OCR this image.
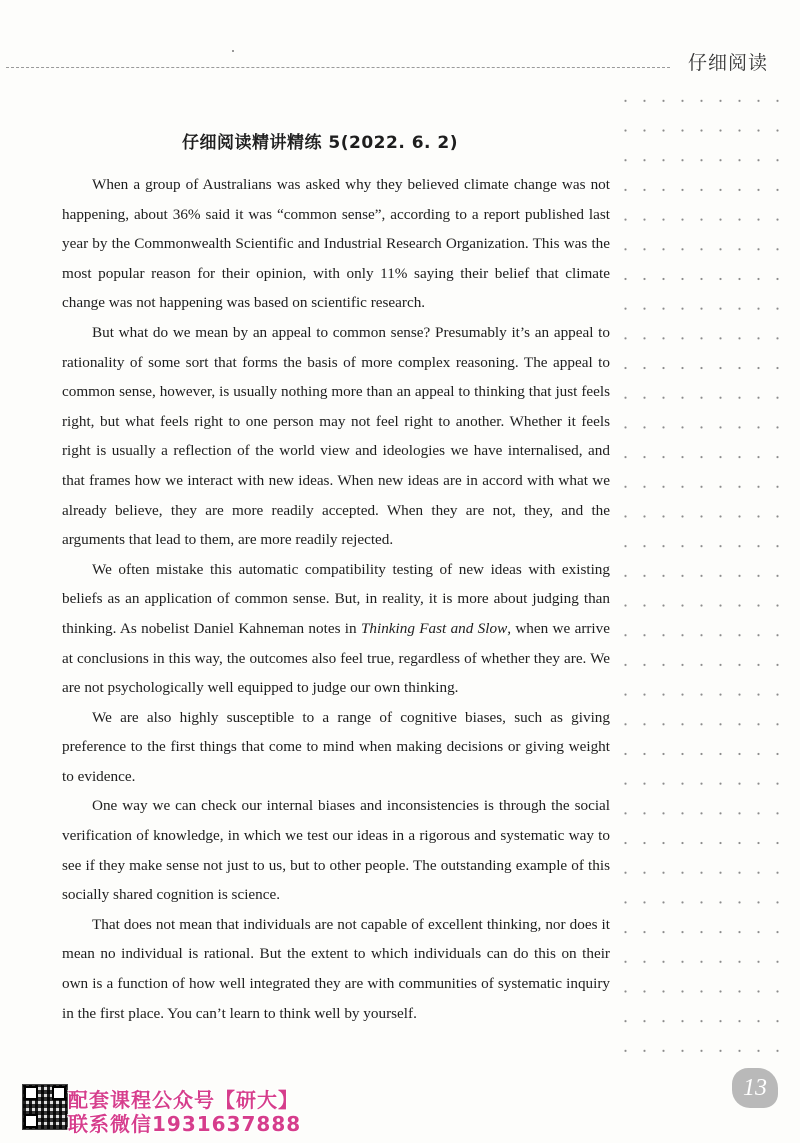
仔细阅读
仔细阅读精讲精练 5(2022. 6. 2)

When a group of Australians was asked why they believed climate change was not happening, about 36% said it was “common sense”, according to a report published last year by the Commonwealth Scientific and Industrial Research Organization. This was the most popular reason for their opinion, with only 11% saying their belief that climate change was not happening was based on scientific research.

But what do we mean by an appeal to common sense? Presumably it’s an appeal to rationality of some sort that forms the basis of more complex reasoning. The appeal to common sense, however, is usually nothing more than an appeal to thinking that just feels right, but what feels right to one person may not feel right to another. Whether it feels right is usually a reflection of the world view and ideologies we have internalised, and that frames how we interact with new ideas. When new ideas are in accord with what we already believe, they are more readily accepted. When they are not, they, and the arguments that lead to them, are more readily rejected.

We often mistake this automatic compatibility testing of new ideas with existing beliefs as an application of common sense. But, in reality, it is more about judging than thinking. As nobelist Daniel Kahneman notes in Thinking Fast and Slow, when we arrive at conclusions in this way, the outcomes also feel true, regardless of whether they are. We are not psychologically well equipped to judge our own thinking.

We are also highly susceptible to a range of cognitive biases, such as giving preference to the first things that come to mind when making decisions or giving weight to evidence.

One way we can check our internal biases and inconsistencies is through the social verification of knowledge, in which we test our ideas in a rigorous and systematic way to see if they make sense not just to us, but to other people. The outstanding example of this socially shared cognition is science.

That does not mean that individuals are not capable of excellent thinking, nor does it mean no individual is rational. But the extent to which individuals can do this on their own is a function of how well integrated they are with communities of systematic inquiry in the first place. You can’t learn to think well by yourself.

配套课程公众号【研大】
联系微信1931637888
13
